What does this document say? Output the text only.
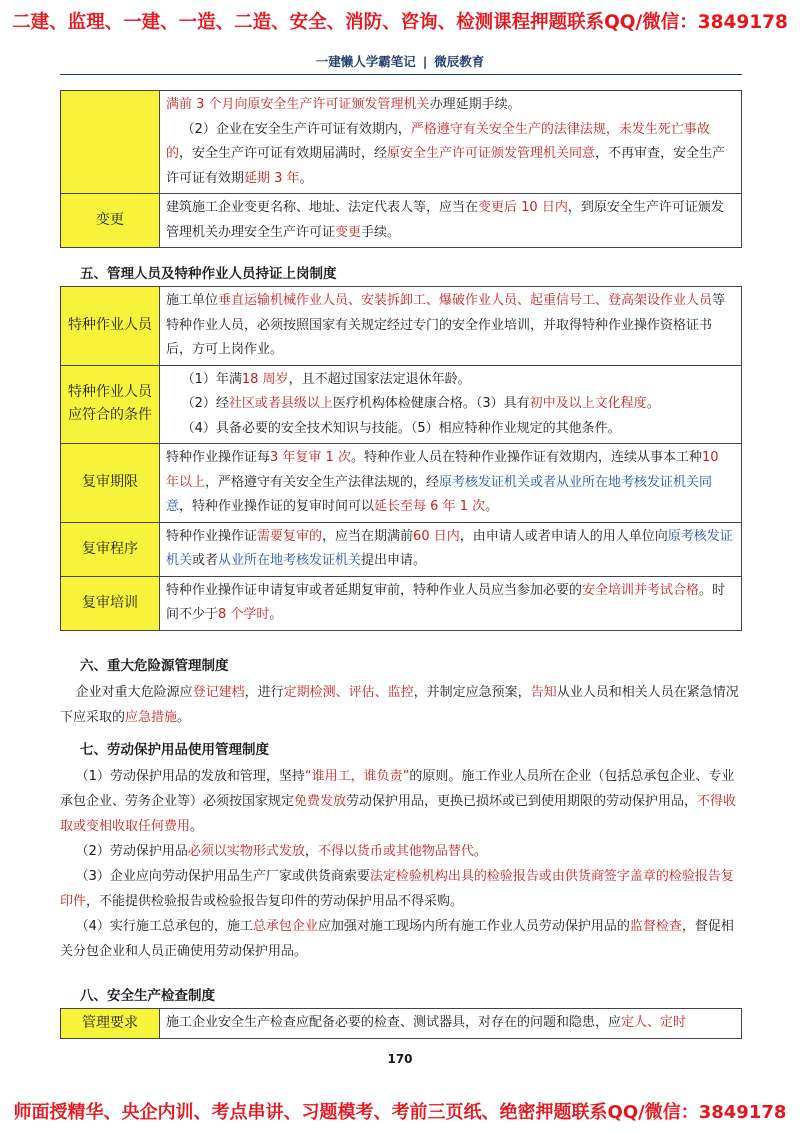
二建、监理、一建、一造、二造、安全、消防、咨询、检测课程押题联系QQ/微信：3849178
一建懒人学霸笔记 | 微辰教育

	满前 3 个月向原安全生产许可证颁发管理机关办理延期手续。

（2）企业在安全生产许可证有效期内，严格遵守有关安全生产的法律法规，未发生死亡事故的，安全生产许可证有效期届满时，经原安全生产许可证颁发管理机关同意，不再审查，安全生产许可证有效期延期 3 年。

变更	建筑施工企业变更名称、地址、法定代表人等，应当在变更后 10 日内，到原安全生产许可证颁发管理机关办理安全生产许可证变更手续。

五、管理人员及特种作业人员持证上岗制度
特种作业人员	施工单位垂直运输机械作业人员、安装拆卸工、爆破作业人员、起重信号工、登高架设作业人员等特种作业人员，必须按照国家有关规定经过专门的安全作业培训，并取得特种作业操作资格证书后，方可上岗作业。

特种作业人员应符合的条件	（1）年满18 周岁，且不超过国家法定退休年龄。

（2）经社区或者县级以上医疗机构体检健康合格。（3）具有初中及以上文化程度。

（4）具备必要的安全技术知识与技能。（5）相应特种作业规定的其他条件。

复审期限	特种作业操作证每3 年复审 1 次。特种作业人员在特种作业操作证有效期内，连续从事本工种10 年以上，严格遵守有关安全生产法律法规的，经原考核发证机关或者从业所在地考核发证机关同意，特种作业操作证的复审时间可以延长至每 6 年 1 次。

复审程序	特种作业操作证需要复审的，应当在期满前60 日内，由申请人或者申请人的用人单位向原考核发证机关或者从业所在地考核发证机关提出申请。

复审培训	特种作业操作证申请复审或者延期复审前，特种作业人员应当参加必要的安全培训并考试合格。时间不少于8 个学时。

六、重大危险源管理制度

企业对重大危险源应登记建档，进行定期检测、评估、监控，并制定应急预案，告知从业人员和相关人员在紧急情况下应采取的应急措施。

七、劳动保护用品使用管理制度

（1）劳动保护用品的发放和管理，坚持“谁用工，谁负责”的原则。施工作业人员所在企业（包括总承包企业、专业承包企业、劳务企业等）必须按国家规定免费发放劳动保护用品，更换已损坏或已到使用期限的劳动保护用品，不得收取或变相收取任何费用。

（2）劳动保护用品必须以实物形式发放，不得以货币或其他物品替代。

（3）企业应向劳动保护用品生产厂家或供货商索要法定检验机构出具的检验报告或由供货商签字盖章的检验报告复印件，不能提供检验报告或检验报告复印件的劳动保护用品不得采购。

（4）实行施工总承包的，施工总承包企业应加强对施工现场内所有施工作业人员劳动保护用品的监督检查，督促相关分包企业和人员正确使用劳动保护用品。

八、安全生产检查制度
管理要求	施工企业安全生产检查应配备必要的检查、测试器具，对存在的问题和隐患，应定人、定时

170
师面授精华、央企内训、考点串讲、习题模考、考前三页纸、绝密押题联系QQ/微信：3849178
